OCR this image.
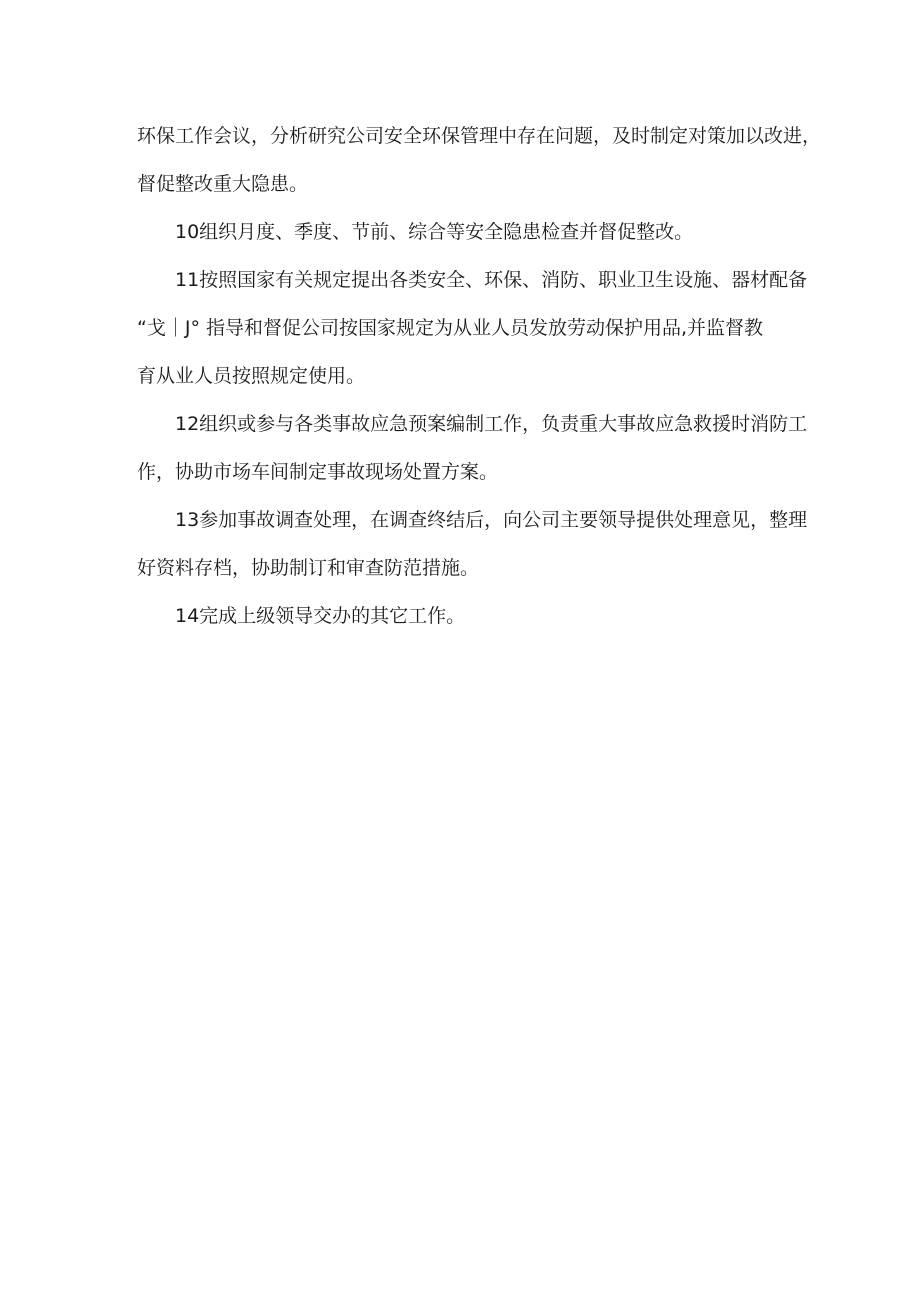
环保工作会议，分析研究公司安全环保管理中存在问题，及时制定对策加以改进，
督促整改重大隐患。
10组织月度、季度、节前、综合等安全隐患检查并督促整改。
11按照国家有关规定提出各类安全、环保、消防、职业卫生设施、器材配备
“戈｜J° 指导和督促公司按国家规定为从业人员发放劳动保护用品,并监督教
育从业人员按照规定使用。
12组织或参与各类事故应急预案编制工作，负责重大事故应急救援时消防工
作，协助市场车间制定事故现场处置方案。
13参加事故调查处理，在调查终结后，向公司主要领导提供处理意见，整理
好资料存档，协助制订和审查防范措施。
14完成上级领导交办的其它工作。
